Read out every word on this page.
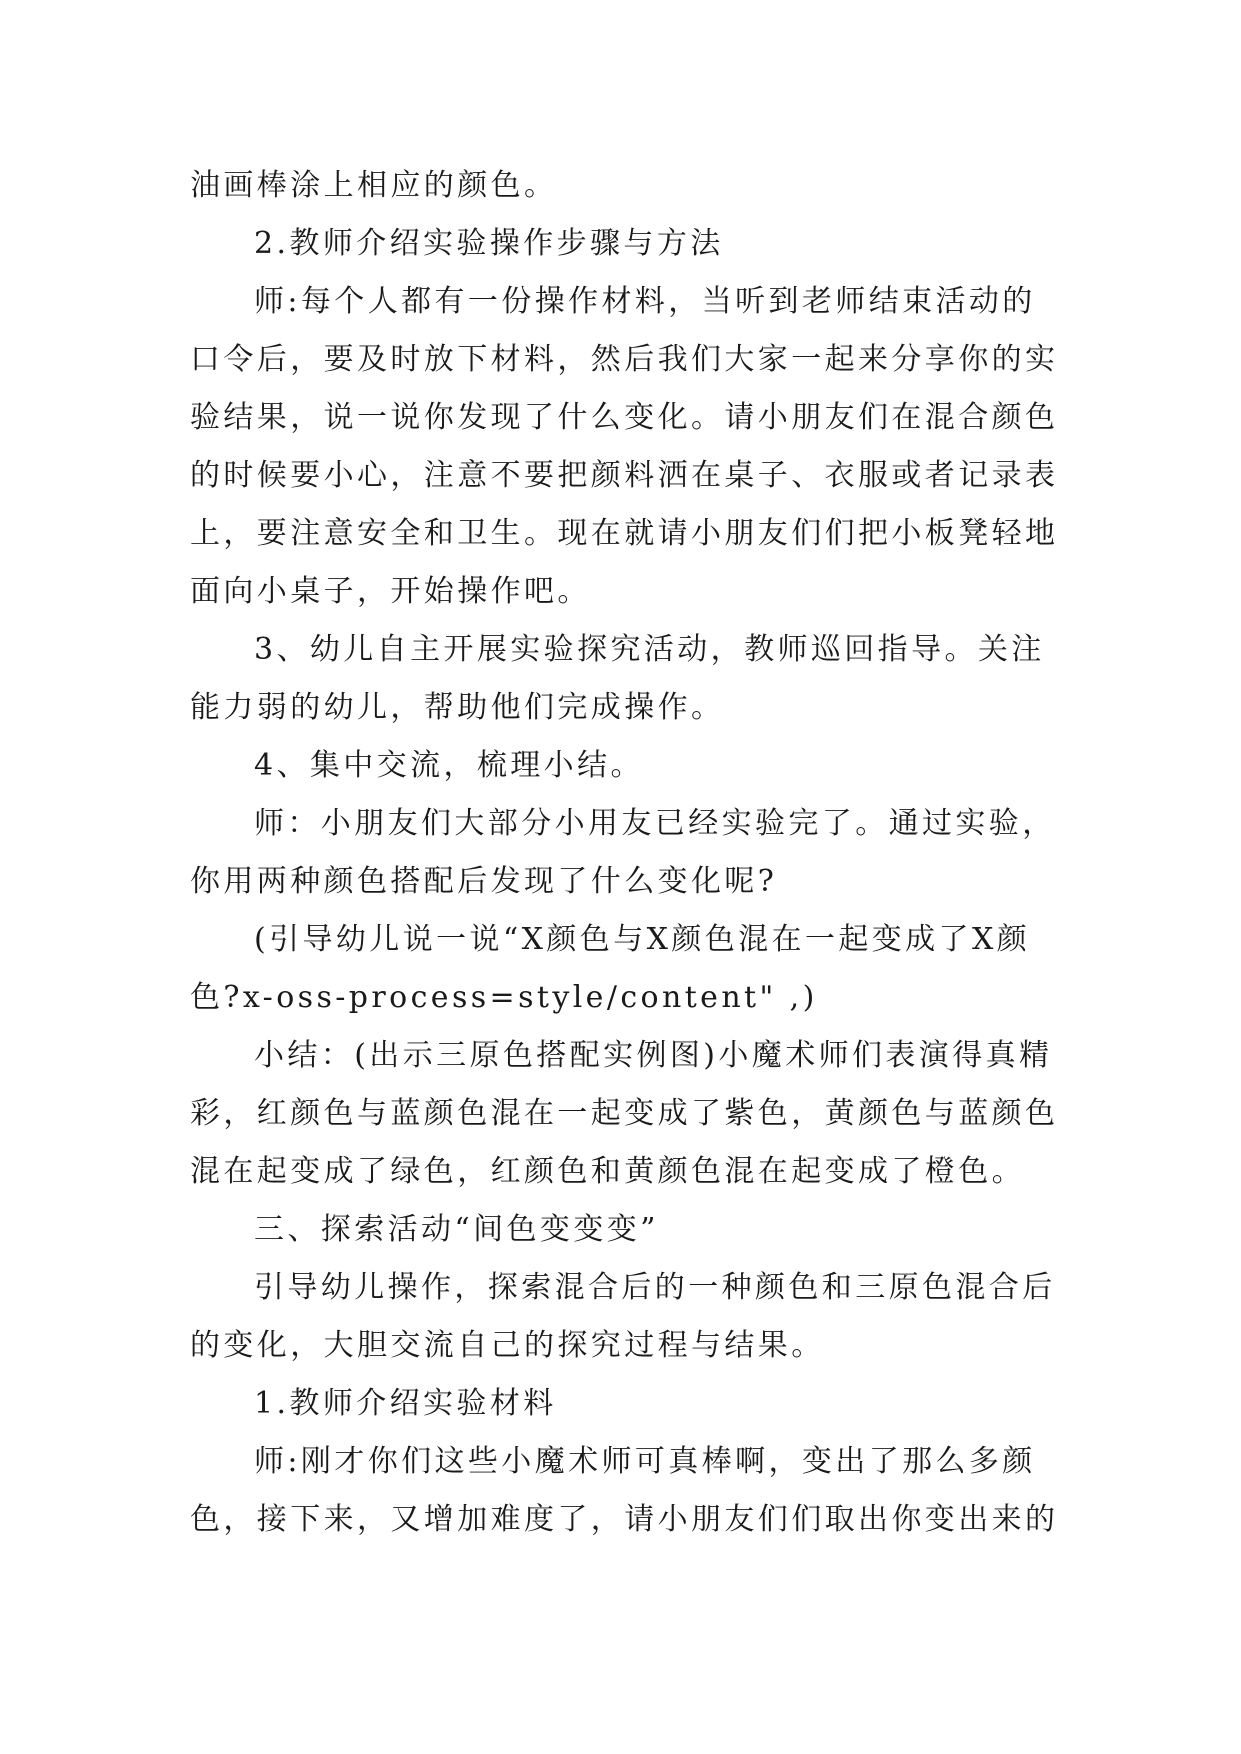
油画棒涂上相应的颜色。
2.教师介绍实验操作步骤与方法
师:每个人都有一份操作材料，当听到老师结束活动的
口令后，要及时放下材料，然后我们大家一起来分享你的实
验结果，说一说你发现了什么变化。请小朋友们在混合颜色
的时候要小心，注意不要把颜料洒在桌子、衣服或者记录表
上，要注意安全和卫生。现在就请小朋友们们把小板凳轻地
面向小桌子，开始操作吧。
3、幼儿自主开展实验探究活动，教师巡回指导。关注
能力弱的幼儿，帮助他们完成操作。
4、集中交流，梳理小结。
师：小朋友们大部分小用友已经实验完了。通过实验，
你用两种颜色搭配后发现了什么变化呢?
(引导幼儿说一说“X颜色与X颜色混在一起变成了X颜
色?x-oss-process=style/content" ,)
小结：(出示三原色搭配实例图)小魔术师们表演得真精
彩，红颜色与蓝颜色混在一起变成了紫色，黄颜色与蓝颜色
混在起变成了绿色，红颜色和黄颜色混在起变成了橙色。
三、探索活动“间色变变变”
引导幼儿操作，探索混合后的一种颜色和三原色混合后
的变化，大胆交流自己的探究过程与结果。
1.教师介绍实验材料
师:刚才你们这些小魔术师可真棒啊，变出了那么多颜
色，接下来，又增加难度了，请小朋友们们取出你变出来的
